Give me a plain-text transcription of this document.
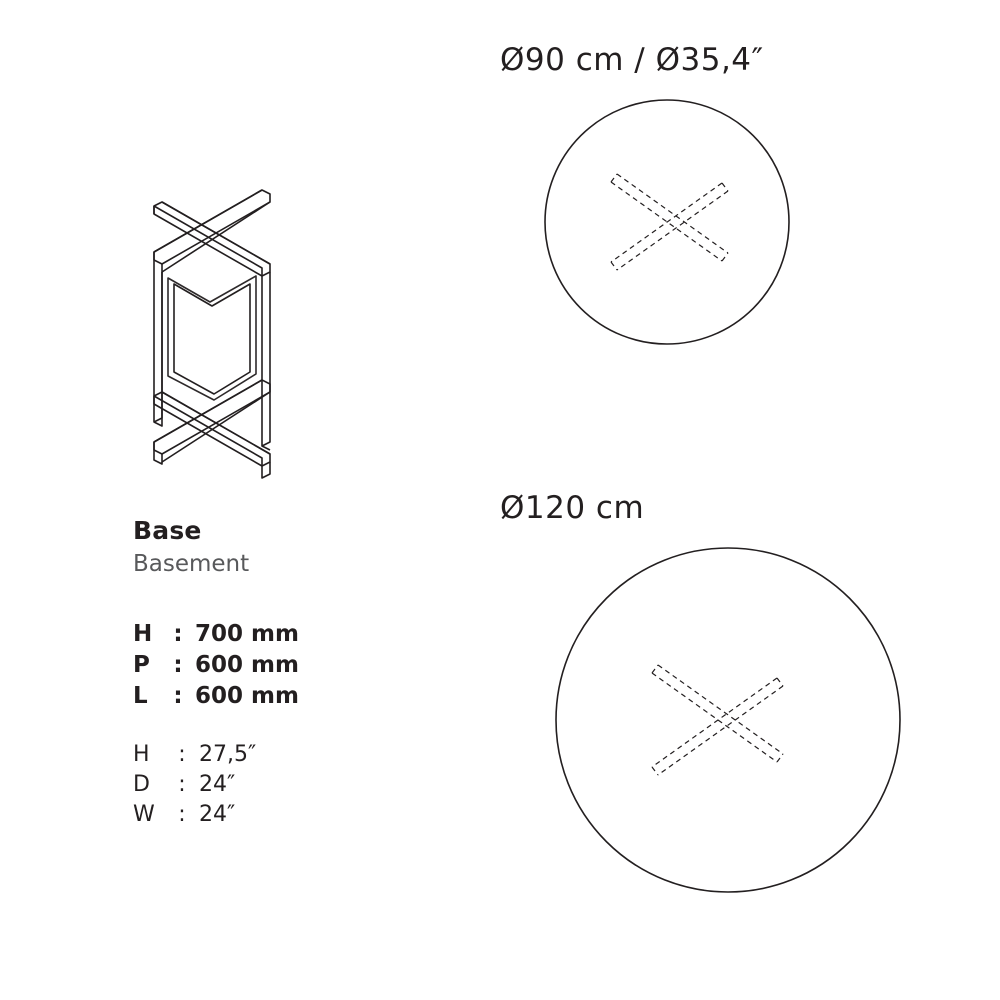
Base
Basement
H	:	700 mm
P	:	600 mm
L	:	600 mm
H	:	27,5″
D	:	24″
W	:	24″
Ø90 cm / Ø35,4″
Ø120 cm
